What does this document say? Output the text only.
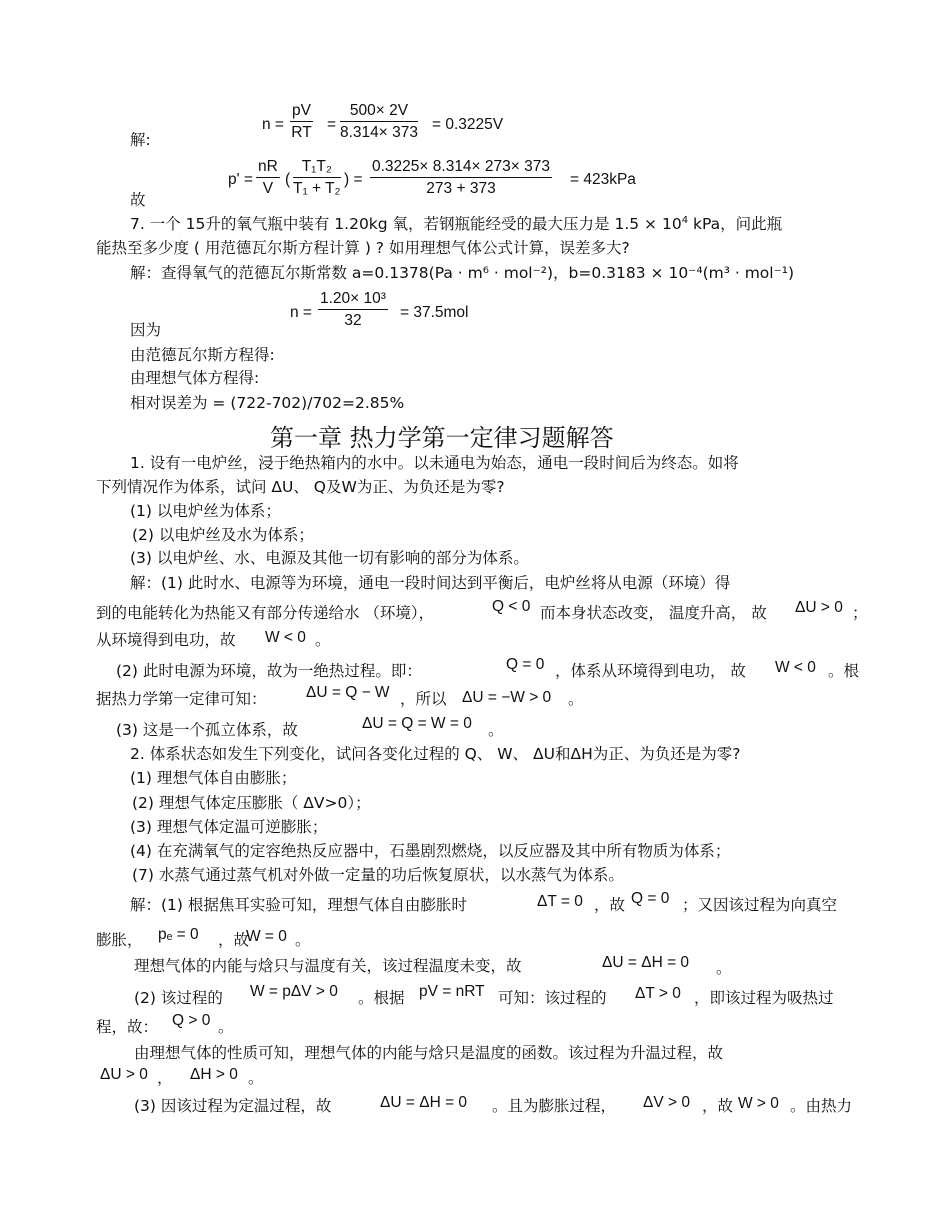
解:
$n = \frac{pV}{RT} = \frac{500\times 2V}{8.314\times 373} = 0.3225V$
$p' = \frac{nR}{V}$ ( $\frac{\text{T₁T₂}}{\text{T₁ + T₂}}$ ) = $\frac{0.3225\times 8.314\times 273\times 373}{273 + 373} = 423kPa$
故
7. 一个 15升的氧气瓶中装有 1.20kg 氧，若钢瓶能经受的最大压力是 $1.5 \times 10^4$ kPa，问此瓶
能热至多少度 ( 用范德瓦尔斯方程计算 ) ? 如用理想气体公式计算，误差多大?
解：查得氧气的范德瓦尔斯常数 a=0.1378(Pa · m⁶ · mol⁻²)，b=0.3183 × 10⁻⁴(m³ · mol⁻¹)
$n = \frac{\text{1.20× 10³}}{32} = 37.5mol$
因为
由范德瓦尔斯方程得:
由理想气体方程得:
相对误差为 = (722-702)/702=2.85%
第一章 热力学第一定律习题解答
1. 设有一电炉丝，浸于绝热箱内的水中。以未通电为始态，通电一段时间后为终态。如将
下列情况作为体系，试问 ΔU、 Q及W为正、为负还是为零?
(1) 以电炉丝为体系；
(2) 以电炉丝及水为体系；
(3) 以电炉丝、水、电源及其他一切有影响的部分为体系。
解：(1) 此时水、电源等为环境，通电一段时间达到平衡后，电炉丝将从电源（环境）得
到的电能转化为热能又有部分传递给水 （环境），	Q < 0 而本身状态改变， 温度升高， 故 ΔU > 0 ；
从环境得到电功，故 W < 0 。
(2) 此时电源为环境，故为一绝热过程。即：	Q = 0 ，体系从环境得到电功， 故 W < 0 。根
据热力学第一定律可知：	ΔU = Q − W ，所以 ΔU = −W > 0 。
(3) 这是一个孤立体系，故	ΔU = Q = W = 0 。
2. 体系状态如发生下列变化，试问各变化过程的 Q、 W、 ΔU和ΔH为正、为负还是为零?
(1) 理想气体自由膨胀；
(2) 理想气体定压膨胀（ ΔV>0）；
(3) 理想气体定温可逆膨胀；
(4) 在充满氧气的定容绝热反应器中，石墨剧烈燃烧，以反应器及其中所有物质为体系；
(7) 水蒸气通过蒸气机对外做一定量的功后恢复原状，以水蒸气为体系。
解：(1) 根据焦耳实验可知，理想气体自由膨胀时	ΔT = 0 ，故 Q = 0 ；又因该过程为向真空
膨胀， pₑ = 0 ，故
W = 0 。
理想气体的内能与焓只与温度有关，该过程温度未变，故	ΔU = ΔH = 0 。
(2) 该过程的 W = pΔV > 0 。根据 pV = nRT 可知：该过程的 ΔT > 0 ，即该过程为吸热过
程，故： Q > 0 。
由理想气体的性质可知，理想气体的内能与焓只是温度的函数。该过程为升温过程，故
ΔU > 0 ， ΔH > 0 。
(3) 因该过程为定温过程，故	ΔU = ΔH = 0 。且为膨胀过程， ΔV > 0 ，故 W > 0 。由热力
